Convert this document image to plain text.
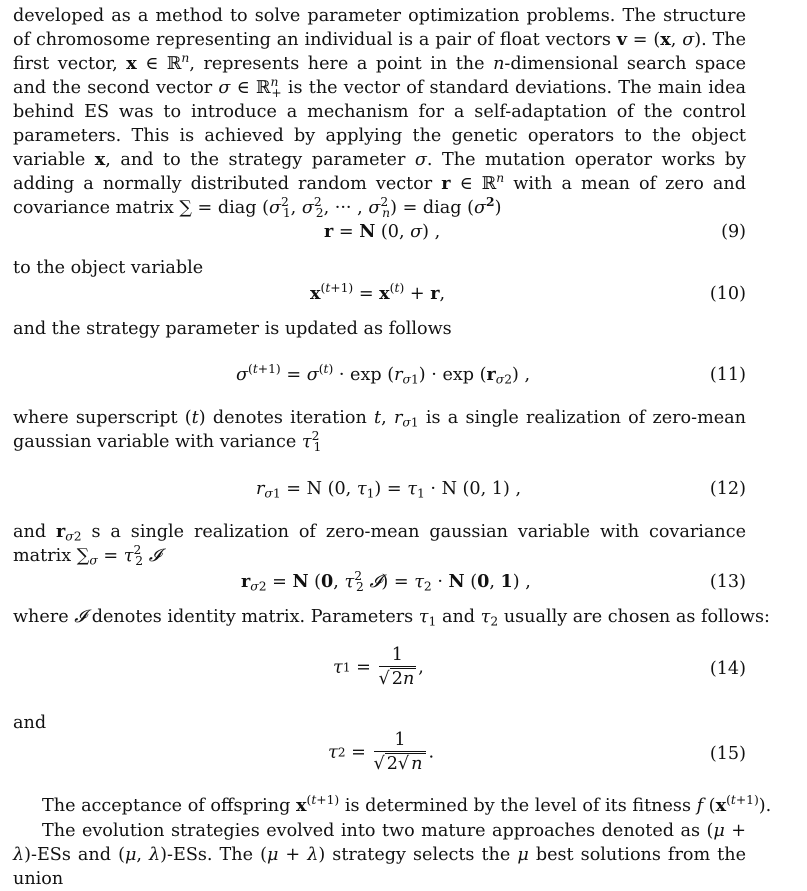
developed as a method to solve parameter optimization problems. The structure of chromosome representing an individual is a pair of float vectors v = (x, σ). The first vector, x ∈ ℝ$^n$, represents here a point in the n-dimensional search space and the second vector σ ∈ ℝ$^n_+$ is the vector of standard deviations. The main idea behind ES was to introduce a mechanism for a self-adaptation of the control parameters. This is achieved by applying the genetic operators to the object variable x, and to the strategy parameter σ. The mutation operator works by adding a normally distributed random vector r ∈ ℝ$^n$ with a mean of zero and covariance matrix ∑ = diag ($\sigma^2_1$, $\sigma^2_2$, ··· , $\sigma^2_n$) = diag $(\sigma^2)$

r = N (0, σ) ,	(9)
to the object variable
$x^{(t+1)} = x^{(t)} + r$,	(10)
and the strategy parameter is updated as follows
$\sigma^{(t+1)} = \sigma^{(t)} \cdot \exp (r_{\sigma 1}) \cdot \exp (r_{\sigma 2})$ ,	(11)

where superscript (t) denotes iteration t, $r_{\sigma 1}$ is a single realization of zero-mean gaussian variable with variance $\tau^2_1$

$r_{\sigma 1} = N$ (0, $\tau_1) = \tau_1 \cdot N$ (0, 1) ,	(12)

and $r_{\sigma 2}$ s a single realization of zero-mean gaussian variable with covariance matrix $\sum_\sigma = \tau^2_2$ 𝓘

$r_{\sigma 2} = N$ (0, $\tau^2_2$ 𝓘) = $\tau_2 \cdot N$ (0, 1) ,	(13)
where 𝓘 denotes identity matrix. Parameters $\tau_1$ and $\tau_2$ usually are chosen as follows:
$\tau 1 = \frac{1}{√ 2n}$ ,	(14)
and
$\tau 2 = \frac{1}{√ 2√ n}$ .	(15)
The acceptance of offspring $x^{(t+1)}$ is determined by the level of its fitness f $(x^{(t+1)})$.

The evolution strategies evolved into two mature approaches denoted as (μ + λ)-ESs and (μ, λ)-ESs. The (μ + λ) strategy selects the μ best solutions from the union
